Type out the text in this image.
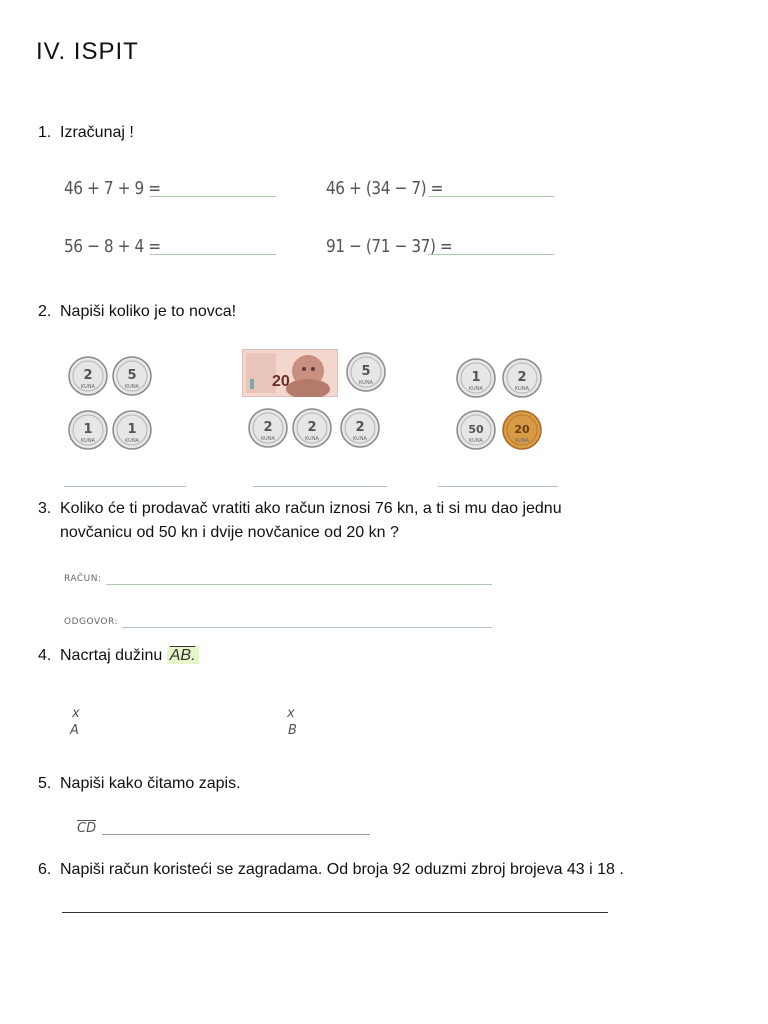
IV. ISPIT
1. Izračunaj !
46 + 7 + 9 =	46 + (34 − 7) =
56 − 8 + 4 =	91 − (71 − 37) =
2. Napiši koliko je to novca!
2
KUNA
5
KUNA
1
KUNA
1
KUNA
5
KUNA
2
KUNA
2
KUNA
2
KUNA
1
KUNA
2
KUNA
50
KUNA
20
KUNA
20
3. Koliko će ti prodavač vratiti ako račun iznosi 76 kn, a ti si mu dao jednu
novčanicu od 50 kn i dvije novčanice od 20 kn ?
RAČUN:
ODGOVOR:
4. Nacrtaj dužinu AB.
x
A
x
B
5. Napiši kako čitamo zapis.
$\overline{CD}$
6. Napiši račun koristeći se zagradama. Od broja 92 oduzmi zbroj brojeva 43 i 18 .
